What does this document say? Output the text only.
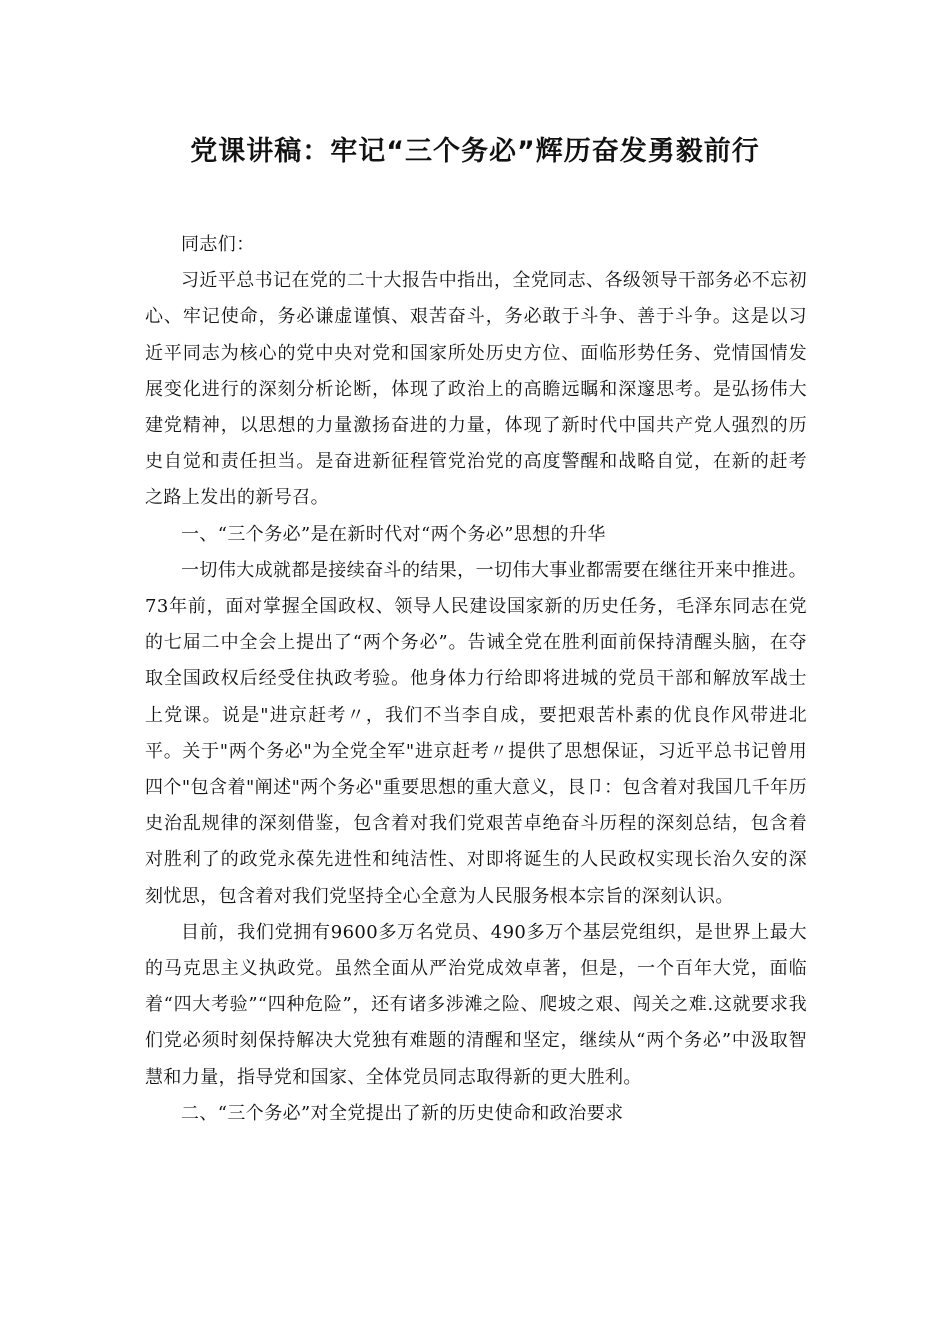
党课讲稿：牢记“三个务必”辉历奋发勇毅前行

同志们：

习近平总书记在党的二十大报告中指出，全党同志、各级领导干部务必不忘初心、牢记使命，务必谦虚谨慎、艰苦奋斗，务必敢于斗争、善于斗争。这是以习近平同志为核心的党中央对党和国家所处历史方位、面临形势任务、党情国情发展变化进行的深刻分析论断，体现了政治上的高瞻远瞩和深邃思考。是弘扬伟大建党精神，以思想的力量激扬奋进的力量，体现了新时代中国共产党人强烈的历史自觉和责任担当。是奋进新征程管党治党的高度警醒和战略自觉，在新的赶考之路上发出的新号召。

一、“三个务必”是在新时代对“两个务必”思想的升华

一切伟大成就都是接续奋斗的结果，一切伟大事业都需要在继往开来中推进。73年前，面对掌握全国政权、领导人民建设国家新的历史任务，毛泽东同志在党的七届二中全会上提出了“两个务必”。告诫全党在胜利面前保持清醒头脑，在夺取全国政权后经受住执政考验。他身体力行给即将进城的党员干部和解放军战士上党课。说是"进京赶考〃，我们不当李自成，要把艰苦朴素的优良作风带进北平。关于"两个务必"为全党全军"进京赶考〃提供了思想保证，习近平总书记曾用四个"包含着"阐述"两个务必"重要思想的重大意义，艮卩：包含着对我国几千年历史治乱规律的深刻借鉴，包含着对我们党艰苦卓绝奋斗历程的深刻总结，包含着对胜利了的政党永葆先进性和纯洁性、对即将诞生的人民政权实现长治久安的深刻忧思，包含着对我们党坚持全心全意为人民服务根本宗旨的深刻认识。

目前，我们党拥有9600多万名党员、490多万个基层党组织，是世界上最大的马克思主义执政党。虽然全面从严治党成效卓著，但是，一个百年大党，面临着“四大考验”“四种危险”，还有诸多涉滩之险、爬坡之艰、闯关之难.这就要求我们党必须时刻保持解决大党独有难题的清醒和坚定，继续从“两个务必”中汲取智慧和力量，指导党和国家、全体党员同志取得新的更大胜利。

二、“三个务必”对全党提出了新的历史使命和政治要求
